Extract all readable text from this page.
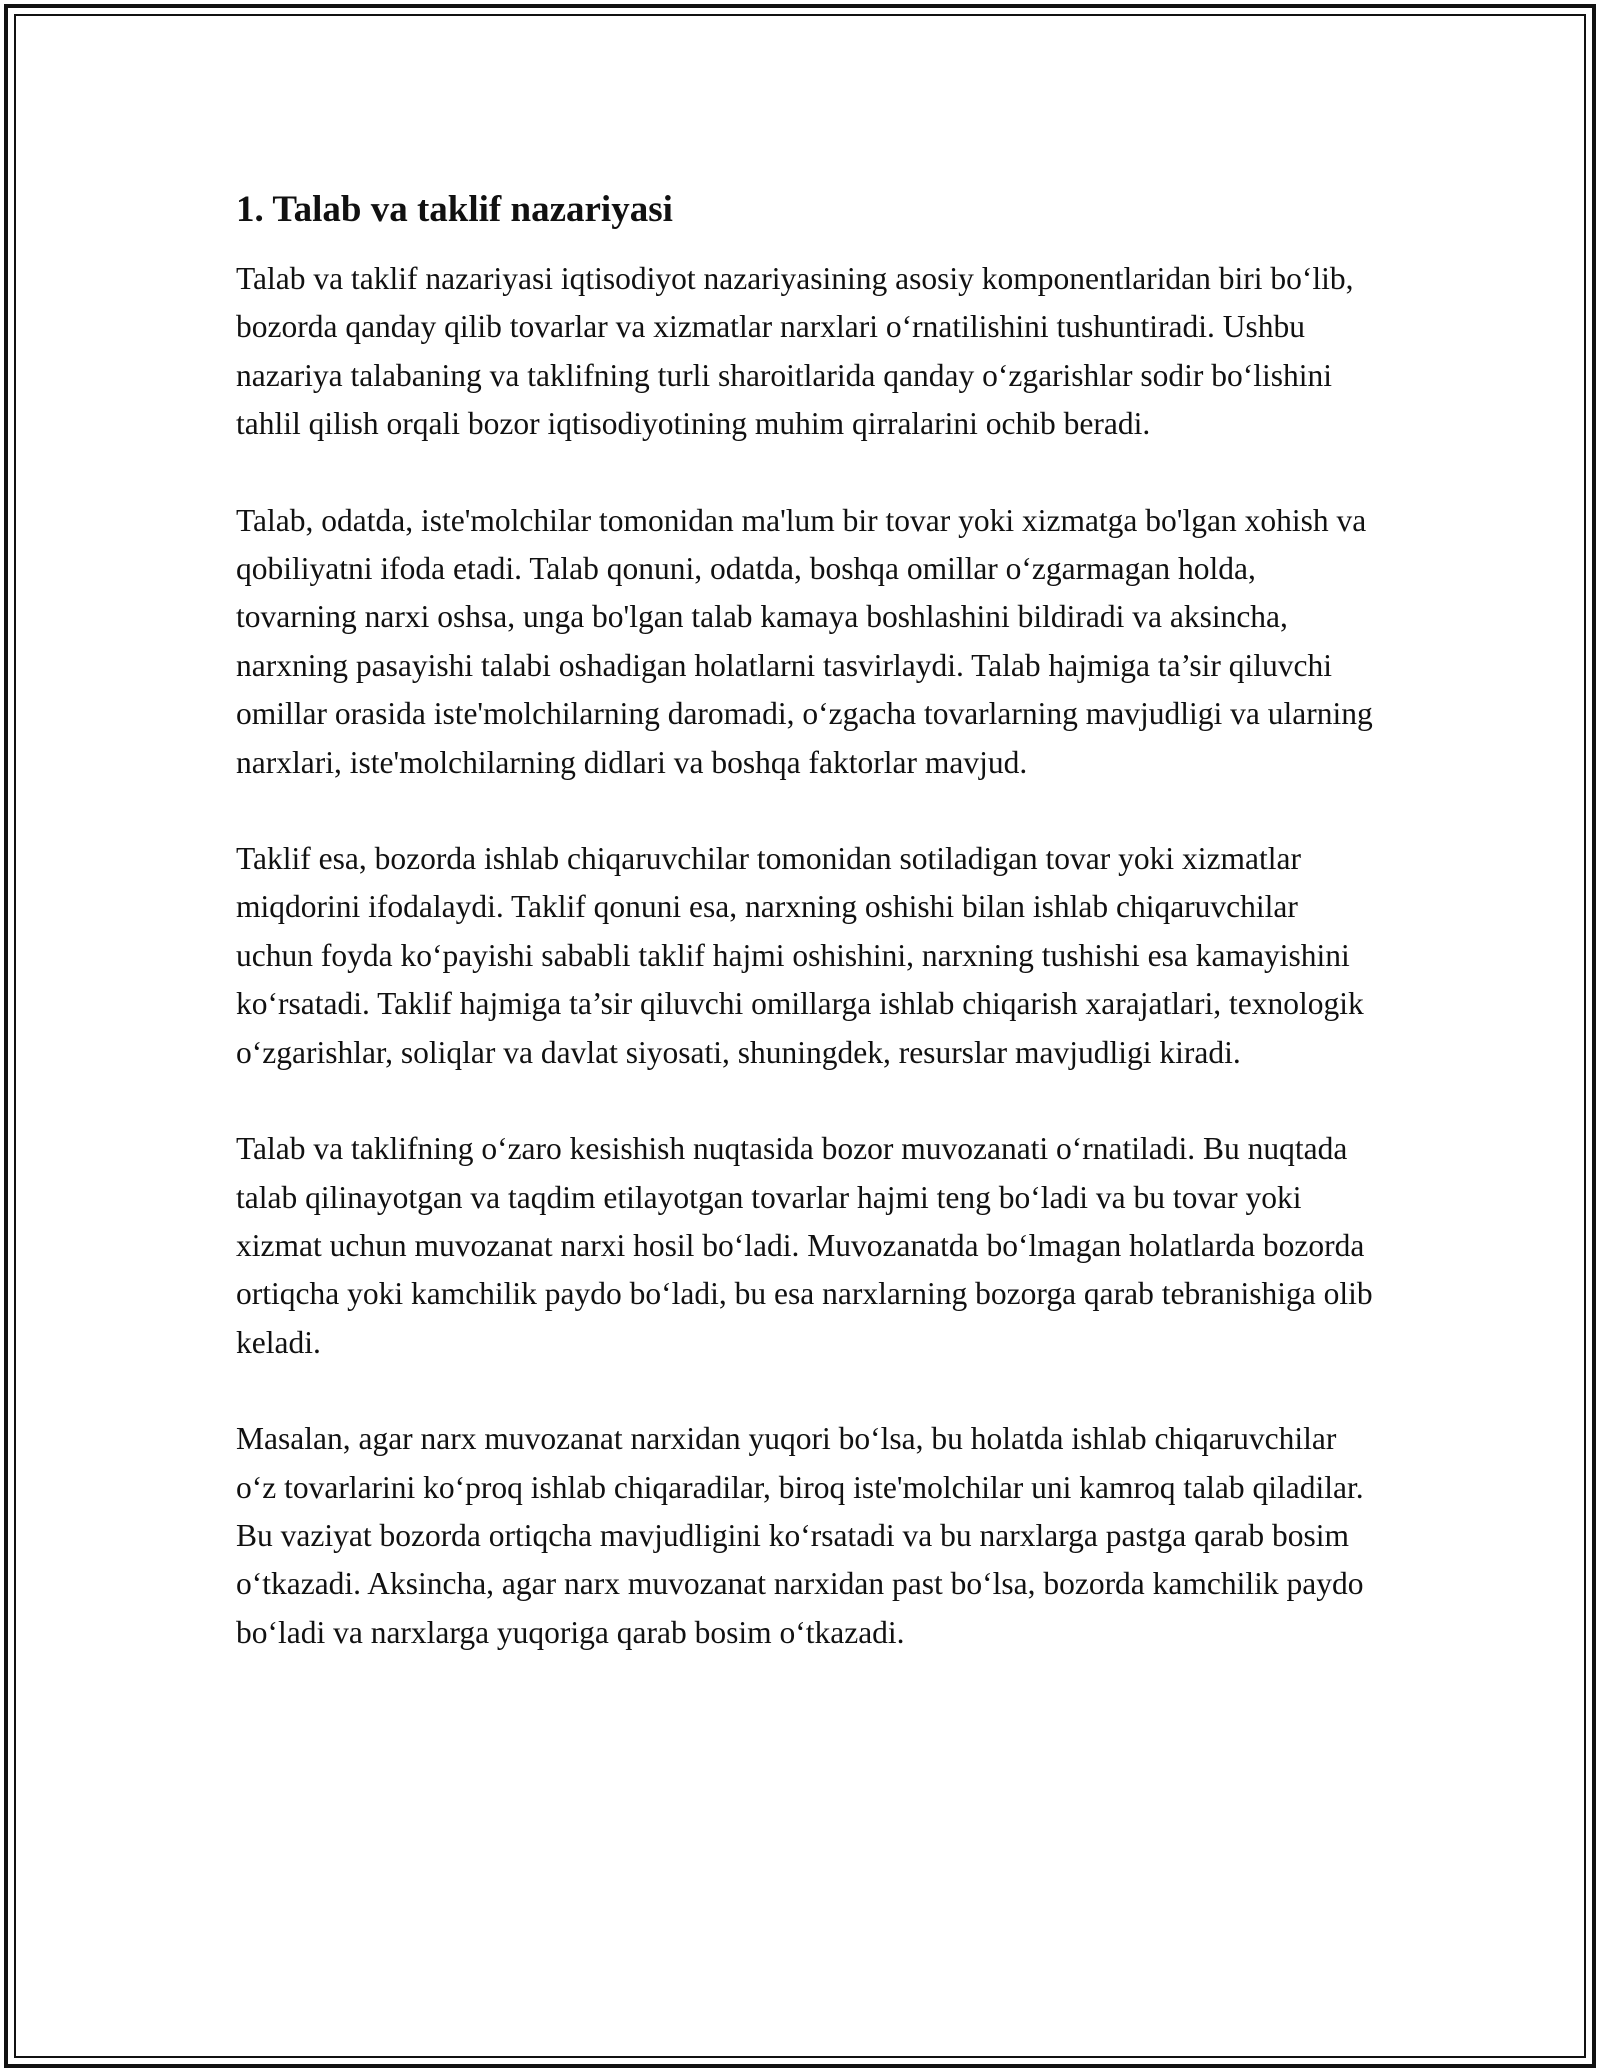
1. Talab va taklif nazariyasi

Talab va taklif nazariyasi iqtisodiyot nazariyasining asosiy komponentlaridan biri boʻlib, bozorda qanday qilib tovarlar va xizmatlar narxlari oʻrnatilishini tushuntiradi. Ushbu nazariya talabaning va taklifning turli sharoitlarida qanday oʻzgarishlar sodir boʻlishini tahlil qilish orqali bozor iqtisodiyotining muhim qirralarini ochib beradi.

Talab, odatda, iste'molchilar tomonidan ma'lum bir tovar yoki xizmatga bo'lgan xohish va qobiliyatni ifoda etadi. Talab qonuni, odatda, boshqa omillar oʻzgarmagan holda, tovarning narxi oshsa, unga bo'lgan talab kamaya boshlashini bildiradi va aksincha, narxning pasayishi talabi oshadigan holatlarni tasvirlaydi. Talab hajmiga ta’sir qiluvchi omillar orasida iste'molchilarning daromadi, oʻzgacha tovarlarning mavjudligi va ularning narxlari, iste'molchilarning didlari va boshqa faktorlar mavjud.

Taklif esa, bozorda ishlab chiqaruvchilar tomonidan sotiladigan tovar yoki xizmatlar miqdorini ifodalaydi. Taklif qonuni esa, narxning oshishi bilan ishlab chiqaruvchilar uchun foyda koʻpayishi sababli taklif hajmi oshishini, narxning tushishi esa kamayishini koʻrsatadi. Taklif hajmiga ta’sir qiluvchi omillarga ishlab chiqarish xarajatlari, texnologik oʻzgarishlar, soliqlar va davlat siyosati, shuningdek, resurslar mavjudligi kiradi.

Talab va taklifning oʻzaro kesishish nuqtasida bozor muvozanati oʻrnatiladi. Bu nuqtada talab qilinayotgan va taqdim etilayotgan tovarlar hajmi teng boʻladi va bu tovar yoki xizmat uchun muvozanat narxi hosil boʻladi. Muvozanatda boʻlmagan holatlarda bozorda ortiqcha yoki kamchilik paydo boʻladi, bu esa narxlarning bozorga qarab tebranishiga olib keladi.

Masalan, agar narx muvozanat narxidan yuqori boʻlsa, bu holatda ishlab chiqaruvchilar oʻz tovarlarini koʻproq ishlab chiqaradilar, biroq iste'molchilar uni kamroq talab qiladilar. Bu vaziyat bozorda ortiqcha mavjudligini koʻrsatadi va bu narxlarga pastga qarab bosim oʻtkazadi. Aksincha, agar narx muvozanat narxidan past boʻlsa, bozorda kamchilik paydo boʻladi va narxlarga yuqoriga qarab bosim oʻtkazadi.
